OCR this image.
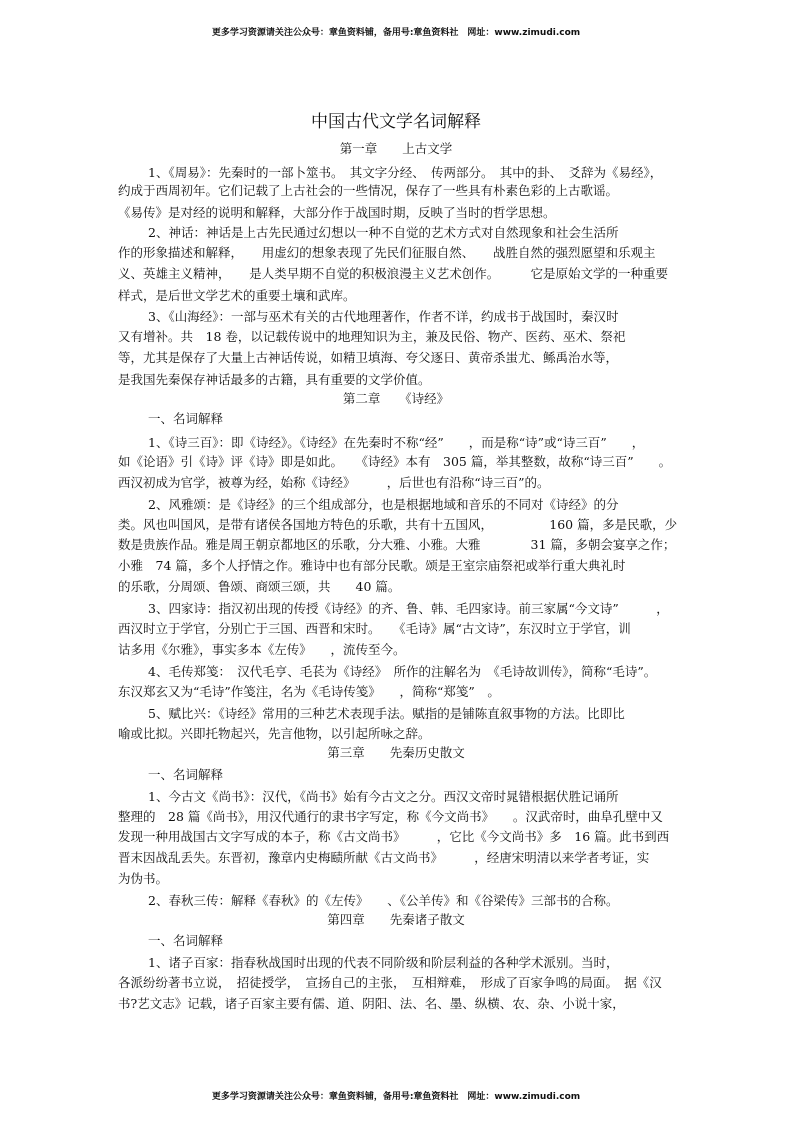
更多学习资源请关注公众号：章鱼资料铺，备用号:章鱼资料社　网址：www.zimudi.com
中国古代文学名词解释
第一章　　上古文学
1、《周易》：先秦时的一部卜筮书。　其文字分经、　传两部分。　其中的卦、　爻辞为《易经》，
约成于西周初年。它们记载了上古社会的一些情况，保存了一些具有朴素色彩的上古歌谣。
《易传》是对经的说明和解释，大部分作于战国时期，反映了当时的哲学思想。
2、神话：神话是上古先民通过幻想以一种不自觉的艺术方式对自然现象和社会生活所
作的形象描述和解释，　　用虚幻的想象表现了先民们征服自然、　　战胜自然的强烈愿望和乐观主
义、英雄主义精神，　　是人类早期不自觉的积极浪漫主义艺术创作。　　　它是原始文学的一种重要
样式，是后世文学艺术的重要土壤和武库。
3、《山海经》：一部与巫术有关的古代地理著作，作者不详，约成书于战国时，秦汉时
又有增补。共　18 卷，以记载传说中的地理知识为主，兼及民俗、物产、医药、巫术、祭祀
等，尤其是保存了大量上古神话传说，如精卫填海、夸父逐日、黄帝杀蚩尤、鲧禹治水等，
是我国先秦保存神话最多的古籍，具有重要的文学价值。
第二章　　《诗经》
一、名词解释
1、《诗三百》：即《诗经》。《诗经》在先秦时不称“经”　　，而是称“诗”或“诗三百”　　，
如《论语》引《诗》评《诗》即是如此。　　《诗经》本有　305 篇，举其整数，故称“诗三百”　　。
西汉初成为官学，被尊为经，始称《诗经》　　　，后世也有沿称“诗三百”的。
2、风雅颂：是《诗经》的三个组成部分，也是根据地域和音乐的不同对《诗经》的分
类。风也叫国风，是带有诸侯各国地方特色的乐歌，共有十五国风，　　　　　160 篇，多是民歌，少
数是贵族作品。雅是周王朝京都地区的乐歌，分大雅、小雅。大雅　　　　31 篇，多朝会宴享之作；
小雅　74 篇，多个人抒情之作。雅诗中也有部分民歌。颂是王室宗庙祭祀或举行重大典礼时
的乐歌，分周颂、鲁颂、商颂三颂，共　　40 篇。
3、四家诗：指汉初出现的传授《诗经》的齐、鲁、韩、毛四家诗。前三家属“今文诗”　　　，
西汉时立于学官，分别亡于三国、西晋和宋时。　　《毛诗》属“古文诗”，东汉时立于学官，训
诂多用《尔雅》，事实多本《左传》　　，流传至今。
4、毛传郑笺：　汉代毛亨、毛苌为《诗经》　所作的注解名为　《毛诗故训传》，简称“毛诗”。
东汉郑玄又为“毛诗”作笺注，名为《毛诗传笺》　　，简称“郑笺”　。
5、赋比兴：《诗经》常用的三种艺术表现手法。赋指的是铺陈直叙事物的方法。比即比
喻或比拟。兴即托物起兴，先言他物，以引起所咏之辞。
第三章　　先秦历史散文
一、名词解释
1、今古文《尚书》：汉代，《尚书》始有今古文之分。西汉文帝时晁错根据伏胜记诵所
整理的　28 篇《尚书》，用汉代通行的隶书字写定，称《今文尚书》　　。汉武帝时，曲阜孔壁中又
发现一种用战国古文字写成的本子，称《古文尚书》　　　，它比《今文尚书》多　16 篇。此书到西
晋末因战乱丢失。东晋初，豫章内史梅赜所献《古文尚书》　　　，经唐宋明清以来学者考证，实
为伪书。
2、春秋三传：解释《春秋》的《左传》　　、《公羊传》和《谷梁传》三部书的合称。
第四章　　先秦诸子散文
一、名词解释
1、诸子百家：指春秋战国时出现的代表不同阶级和阶层利益的各种学术派别。当时，
各派纷纷著书立说，　招徒授学，　宣扬自己的主张，　互相辩难，　形成了百家争鸣的局面。　据《汉
书?艺文志》记载，诸子百家主要有儒、道、阴阳、法、名、墨、纵横、农、杂、小说十家，
更多学习资源请关注公众号：章鱼资料铺，备用号:章鱼资料社　网址：www.zimudi.com
